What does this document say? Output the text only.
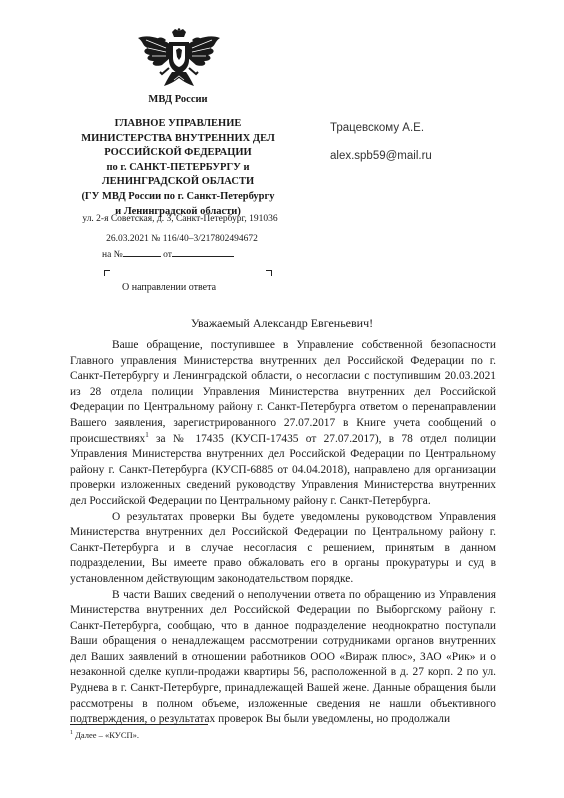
МВД России
ГЛАВНОЕ УПРАВЛЕНИЕ
МИНИСТЕРСТВА ВНУТРЕННИХ ДЕЛ
РОССИЙСКОЙ ФЕДЕРАЦИИ
по г. САНКТ-ПЕТЕРБУРГУ и
ЛЕНИНГРАДСКОЙ ОБЛАСТИ
(ГУ МВД России по г. Санкт-Петербургу
и Ленинградской области)
ул. 2-я Советская, д. 3, Санкт-Петербург, 191036
26.03.2021 № 116/40–3/217802494672
на №	от
О направлении ответа
Трацевскому А.Е.
alex.spb59@mail.ru
Уважаемый Александр Евгеньевич!

Ваше обращение, поступившее в Управление собственной безопасности Главного управления Министерства внутренних дел Российской Федерации по г. Санкт-Петербургу и Ленинградской области, о несогласии с поступившим 20.03.2021 из 28 отдела полиции Управления Министерства внутренних дел Российской Федерации по Центральному району г. Санкт-Петербурга ответом о перенаправлении Вашего заявления, зарегистрированного 27.07.2017 в Книге учета сообщений о происшествиях$^1$ за № 17435 (КУСП-17435 от 27.07.2017), в 78 отдел полиции Управления Министерства внутренних дел Российской Федерации по Центральному району г. Санкт-Петербурга (КУСП-6885 от 04.04.2018), направлено для организации проверки изложенных сведений руководству Управления Министерства внутренних дел Российской Федерации по Центральному району г. Санкт-Петербурга.

О результатах проверки Вы будете уведомлены руководством Управления Министерства внутренних дел Российской Федерации по Центральному району г. Санкт-Петербурга и в случае несогласия с решением, принятым в данном подразделении, Вы имеете право обжаловать его в органы прокуратуры и суд в установленном действующим законодательством порядке.

В части Ваших сведений о неполучении ответа по обращению из Управления Министерства внутренних дел Российской Федерации по Выборгскому району г. Санкт-Петербурга, сообщаю, что в данное подразделение неоднократно поступали Ваши обращения о ненадлежащем рассмотрении сотрудниками органов внутренних дел Ваших заявлений в отношении работников ООО «Вираж плюс», ЗАО «Рик» и о незаконной сделке купли-продажи квартиры 56, расположенной в д. 27 корп. 2 по ул. Руднева в г. Санкт-Петербурге, принадлежащей Вашей жене. Данные обращения были рассмотрены в полном объеме, изложенные сведения не нашли объективного подтверждения, о результатах проверок Вы были уведомлены, но продолжали

$^1$ Далее – «КУСП».
